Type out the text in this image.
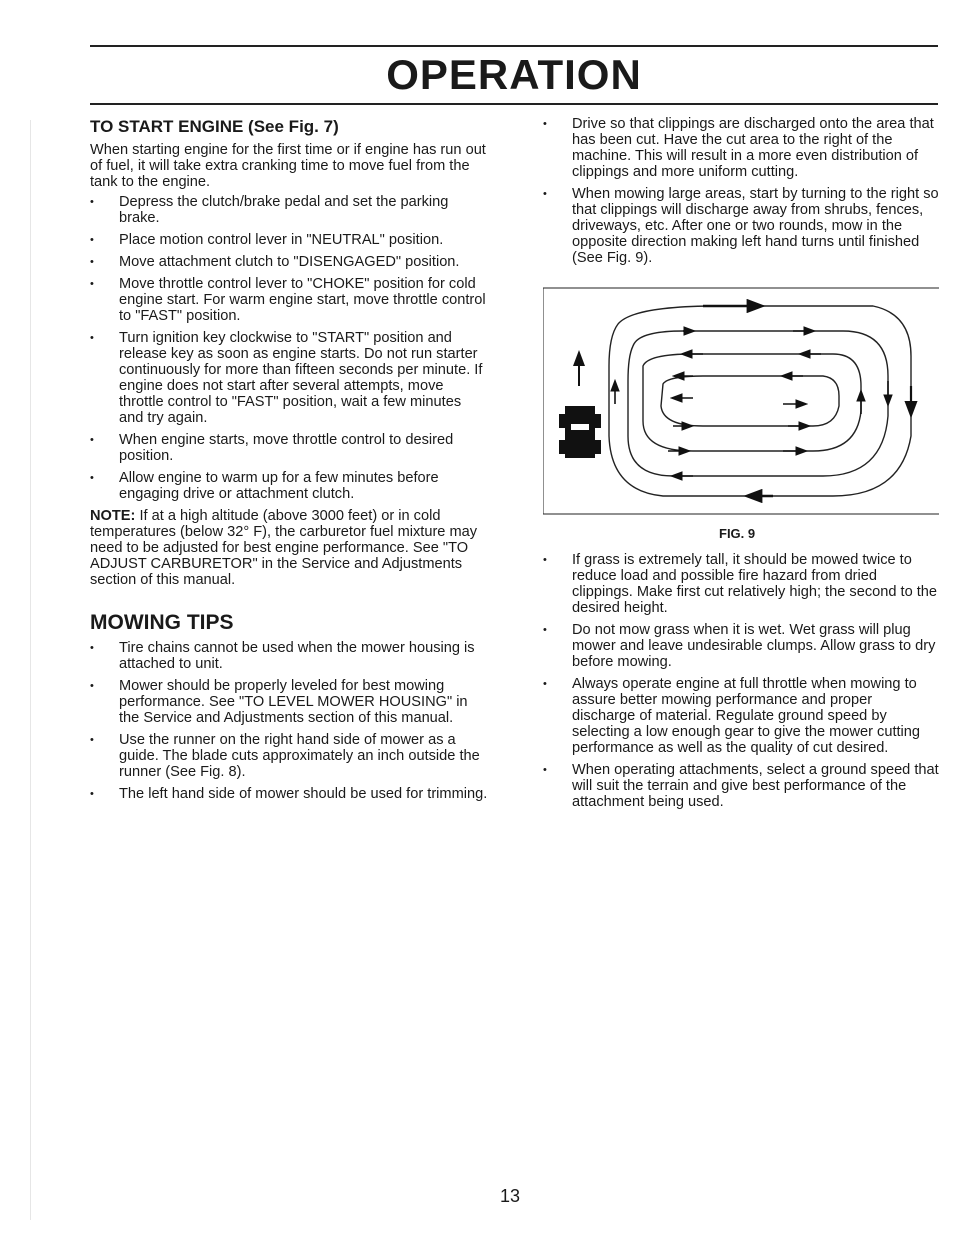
OPERATION
TO START ENGINE (See Fig. 7)

When starting engine for the first time or if engine has run out of fuel, it will take extra cranking time to move fuel from the tank to the engine.

• Depress the clutch/brake pedal and set the parking brake.
• Place motion control lever in "NEUTRAL" position.
• Move attachment clutch to "DISENGAGED" position.
• Move throttle control lever to "CHOKE" position for cold engine start. For warm engine start, move throttle control to "FAST" position.
• Turn ignition key clockwise to "START" position and release key as soon as engine starts. Do not run starter continuously for more than fifteen seconds per minute. If engine does not start after several attempts, move throttle control to "FAST" position, wait a few minutes and try again.
• When engine starts, move throttle control to desired position.
• Allow engine to warm up for a few minutes before engaging drive or attachment clutch.

NOTE: If at a high altitude (above 3000 feet) or in cold temperatures (below 32° F), the carburetor fuel mixture may need to be adjusted for best engine performance. See "TO ADJUST CARBURETOR" in the Service and Adjustments section of this manual.

MOWING TIPS
• Tire chains cannot be used when the mower housing is attached to unit.
• Mower should be properly leveled for best mowing performance. See "TO LEVEL MOWER HOUSING" in the Service and Adjustments section of this manual.
• Use the runner on the right hand side of mower as a guide. The blade cuts approximately an inch outside the runner (See Fig. 8).
• The left hand side of mower should be used for trimming.
• Drive so that clippings are discharged onto the area that has been cut. Have the cut area to the right of the machine. This will result in a more even distribution of clippings and more uniform cutting.
• When mowing large areas, start by turning to the right so that clippings will discharge away from shrubs, fences, driveways, etc. After one or two rounds, mow in the opposite direction making left hand turns until finished (See Fig. 9).
FIG. 9
• If grass is extremely tall, it should be mowed twice to reduce load and possible fire hazard from dried clippings. Make first cut relatively high; the second to the desired height.
• Do not mow grass when it is wet. Wet grass will plug mower and leave undesirable clumps. Allow grass to dry before mowing.
• Always operate engine at full throttle when mowing to assure better mowing performance and proper discharge of material. Regulate ground speed by selecting a low enough gear to give the mower cutting performance as well as the quality of cut desired.
• When operating attachments, select a ground speed that will suit the terrain and give best performance of the attachment being used.
13
